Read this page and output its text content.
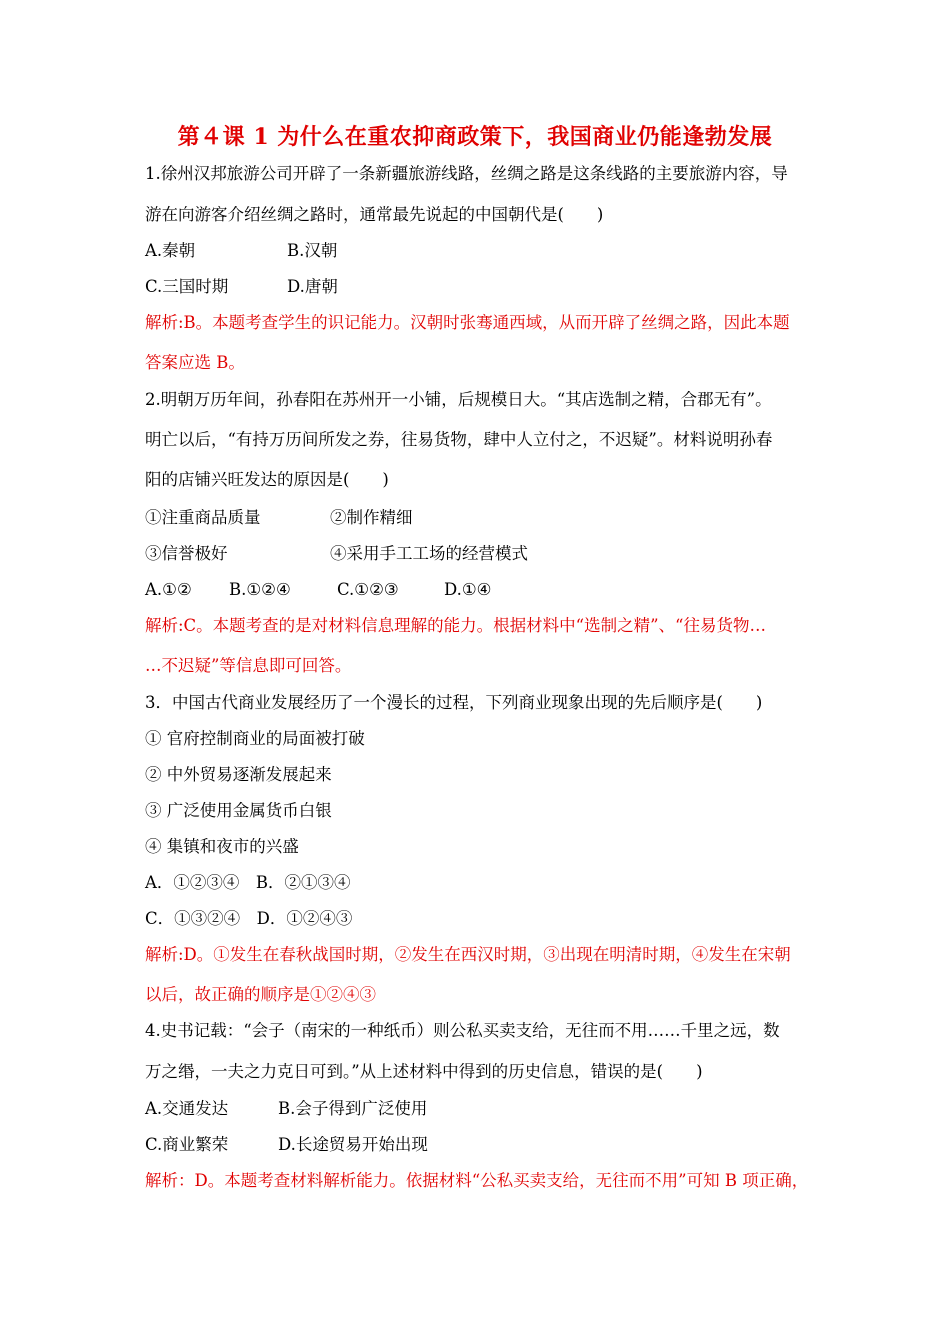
第４课 1 为什么在重农抑商政策下，我国商业仍能逢勃发展
1.徐州汉邦旅游公司开辟了一条新疆旅游线路，丝绸之路是这条线路的主要旅游内容，导
游在向游客介绍丝绸之路时，通常最先说起的中国朝代是(　　)
A.秦朝	B.汉朝
C.三国时期	D.唐朝
解析:B。本题考查学生的识记能力。汉朝时张骞通西域，从而开辟了丝绸之路，因此本题
答案应选 B。
2.明朝万历年间，孙春阳在苏州开一小铺，后规模日大。“其店选制之精，合郡无有”。
明亡以后，“有持万历间所发之券，往易货物，肆中人立付之，不迟疑”。材料说明孙春
阳的店铺兴旺发达的原因是(　　)
①注重商品质量	②制作精细
③信誉极好	④采用手工工场的经营模式
A.①② B.①②④	C.①②③	D.①④
解析:C。本题考查的是对材料信息理解的能力。根据材料中“选制之精”、“往易货物…
…不迟疑”等信息即可回答。
3．中国古代商业发展经历了一个漫长的过程，下列商业现象出现的先后顺序是(　　)
① 官府控制商业的局面被打破
② 中外贸易逐渐发展起来
③ 广泛使用金属货币白银
④ 集镇和夜市的兴盛
A．①②③④　B．②①③④
C．①③②④　D．①②④③
解析:D。①发生在春秋战国时期，②发生在西汉时期，③出现在明清时期，④发生在宋朝
以后，故正确的顺序是①②④③
4.史书记载：“会子（南宋的一种纸币）则公私买卖支给，无往而不用……千里之远，数
万之缗，一夫之力克日可到。”从上述材料中得到的历史信息，错误的是(　　)
A.交通发达	B.会子得到广泛使用
C.商业繁荣	D.长途贸易开始出现
解析：D。本题考查材料解析能力。依据材料“公私买卖支给，无往而不用”可知 B 项正确，
